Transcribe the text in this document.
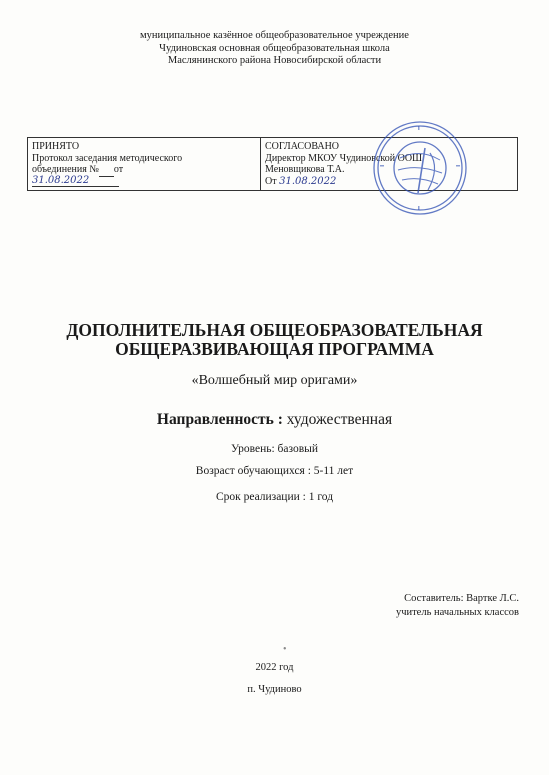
муниципальное казённое общеобразовательное учреждение
Чудиновская основная общеобразовательная школа
Маслянинского района Новосибирской области
ПРИНЯТО
Протокол заседания методического
объединения № от
31.08.2022

СОГЛАСОВАНО
Директор МКОУ Чудиновской ООШ
Меновщикова Т.А.
От 31.08.2022
ДОПОЛНИТЕЛЬНАЯ ОБЩЕОБРАЗОВАТЕЛЬНАЯ
ОБЩЕРАЗВИВАЮЩАЯ ПРОГРАММА
«Волшебный мир оригами»
Направленность : художественная
Уровень: базовый
Возраст обучающихся : 5-11 лет
Срок реализации : 1 год
Составитель: Вартке Л.С.
учитель начальных классов
•
2022 год
п. Чудиново
